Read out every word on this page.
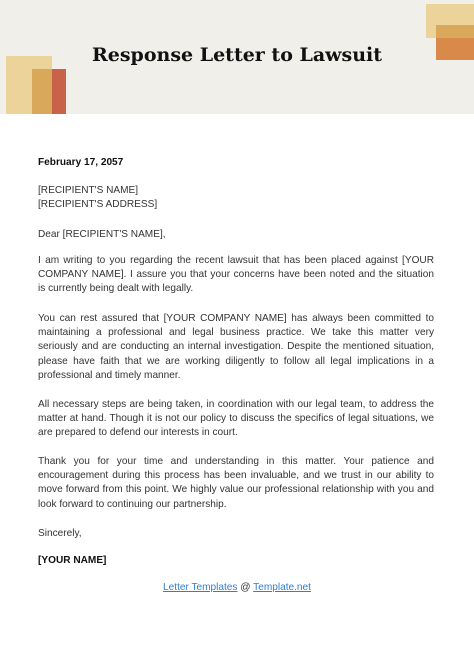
Response Letter to Lawsuit

February 17, 2057

[RECIPIENT'S NAME]
[RECIPIENT'S ADDRESS]

Dear [RECIPIENT'S NAME],

I am writing to you regarding the recent lawsuit that has been placed against [YOUR COMPANY NAME]. I assure you that your concerns have been noted and the situation is currently being dealt with legally.

You can rest assured that [YOUR COMPANY NAME] has always been committed to maintaining a professional and legal business practice. We take this matter very seriously and are conducting an internal investigation. Despite the mentioned situation, please have faith that we are working diligently to follow all legal implications in a professional and timely manner.

All necessary steps are being taken, in coordination with our legal team, to address the matter at hand. Though it is not our policy to discuss the specifics of legal situations, we are prepared to defend our interests in court.

Thank you for your time and understanding in this matter. Your patience and encouragement during this process has been invaluable, and we trust in our ability to move forward from this point. We highly value our professional relationship with you and look forward to continuing our partnership.

Sincerely,

[YOUR NAME]

Letter Templates @ Template.net
